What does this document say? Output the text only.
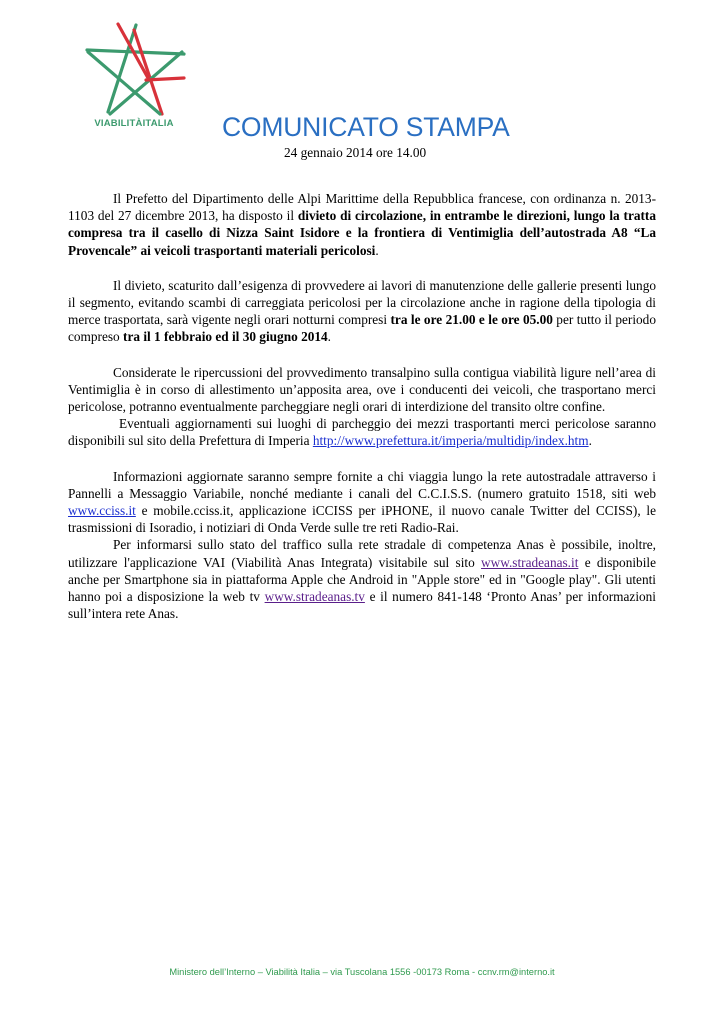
VIABILITÀITALIA	COMUNICATO STAMPA
24 gennaio 2014 ore 14.00

Il Prefetto del Dipartimento delle Alpi Marittime della Repubblica francese, con ordinanza n. 2013-1103 del 27 dicembre 2013, ha disposto il divieto di circolazione, in entrambe le direzioni, lungo la tratta compresa tra il casello di Nizza Saint Isidore e la frontiera di Ventimiglia dell’autostrada A8 “La Provencale” ai veicoli trasportanti materiali pericolosi.

Il divieto, scaturito dall’esigenza di provvedere ai lavori di manutenzione delle gallerie presenti lungo il segmento, evitando scambi di carreggiata pericolosi per la circolazione anche in ragione della tipologia di merce trasportata, sarà vigente negli orari notturni compresi tra le ore 21.00 e le ore 05.00 per tutto il periodo compreso tra il 1 febbraio ed il 30 giugno 2014.

Considerate le ripercussioni del provvedimento transalpino sulla contigua viabilità ligure nell’area di Ventimiglia è in corso di allestimento un’apposita area, ove i conducenti dei veicoli, che trasportano merci pericolose, potranno eventualmente parcheggiare negli orari di interdizione del transito oltre confine.

Eventuali aggiornamenti sui luoghi di parcheggio dei mezzi trasportanti merci pericolose saranno disponibili sul sito della Prefettura di Imperia http://www.prefettura.it/imperia/multidip/index.htm.

Informazioni aggiornate saranno sempre fornite a chi viaggia lungo la rete autostradale attraverso i Pannelli a Messaggio Variabile, nonché mediante i canali del C.C.I.S.S. (numero gratuito 1518, siti web www.cciss.it e mobile.cciss.it, applicazione iCCISS per iPHONE, il nuovo canale Twitter del CCISS), le trasmissioni di Isoradio, i notiziari di Onda Verde sulle tre reti Radio-Rai.

Per informarsi sullo stato del traffico sulla rete stradale di competenza Anas è possibile, inoltre, utilizzare l'applicazione VAI (Viabilità Anas Integrata) visitabile sul sito www.stradeanas.it e disponibile anche per Smartphone sia in piattaforma Apple che Android in "Apple store" ed in "Google play". Gli utenti hanno poi a disposizione la web tv www.stradeanas.tv e il numero 841-148 ‘Pronto Anas’ per informazioni sull’intera rete Anas.

Ministero dell’Interno – Viabilità Italia – via Tuscolana 1556 -00173 Roma - ccnv.rm@interno.it
